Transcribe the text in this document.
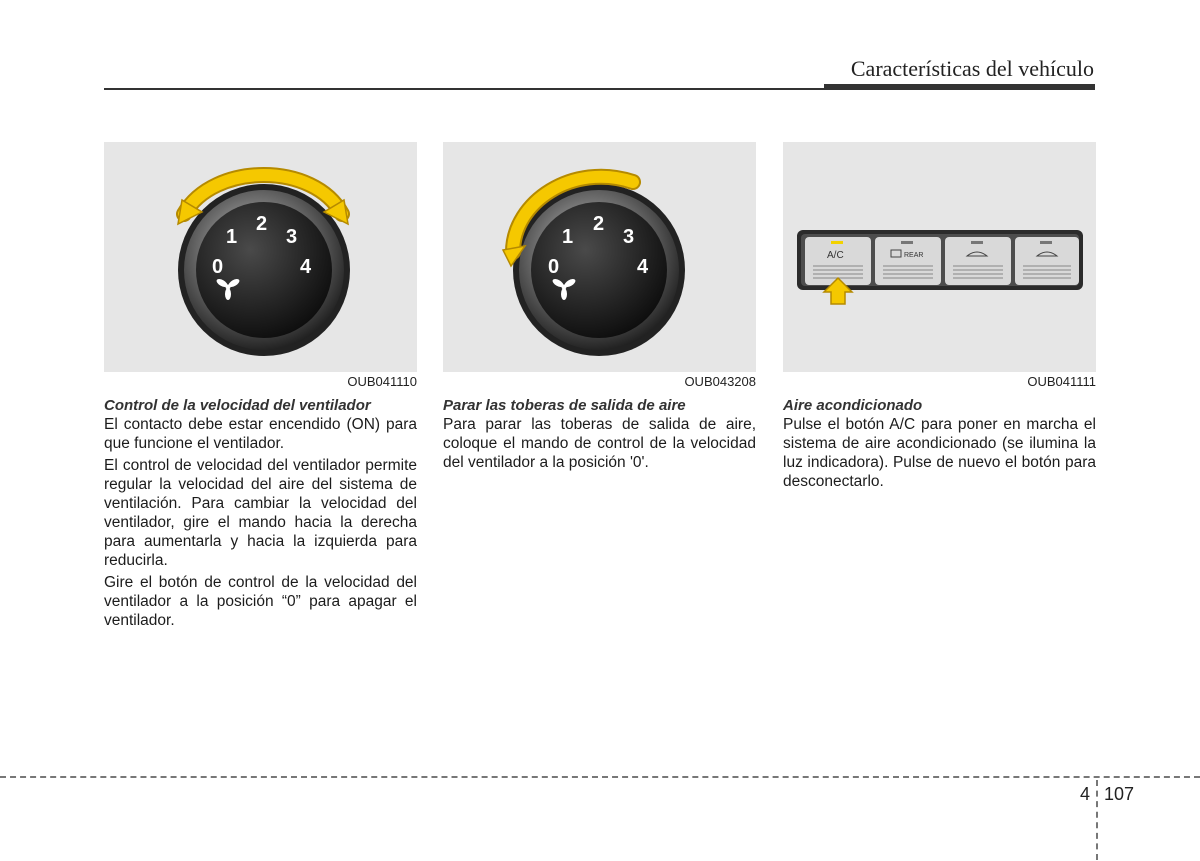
Características del vehículo
0
1
2
3
4
OUB041110
Control de la velocidad del ventilador

El contacto debe estar encendido (ON) para que funcione el ventilador.

El control de velocidad del ventilador permite regular la velocidad del aire del sistema de ventilación. Para cambiar la velocidad del ventilador, gire el mando hacia la derecha para aumentarla y hacia la izquierda para reducirla.

Gire el botón de control de la velocidad del ventilador a la posición “0” para apagar el ventilador.

0
1
2
3
4
OUB043208
Parar las toberas de salida de aire

Para parar las toberas de salida de aire, coloque el mando de control de la velocidad del ventilador a la posición '0'.

A/C	REAR
OUB041111
Aire acondicionado

Pulse el botón A/C para poner en marcha el sistema de aire acondicionado (se ilumina la luz indicadora). Pulse de nuevo el botón para desconectarlo.

4 107
